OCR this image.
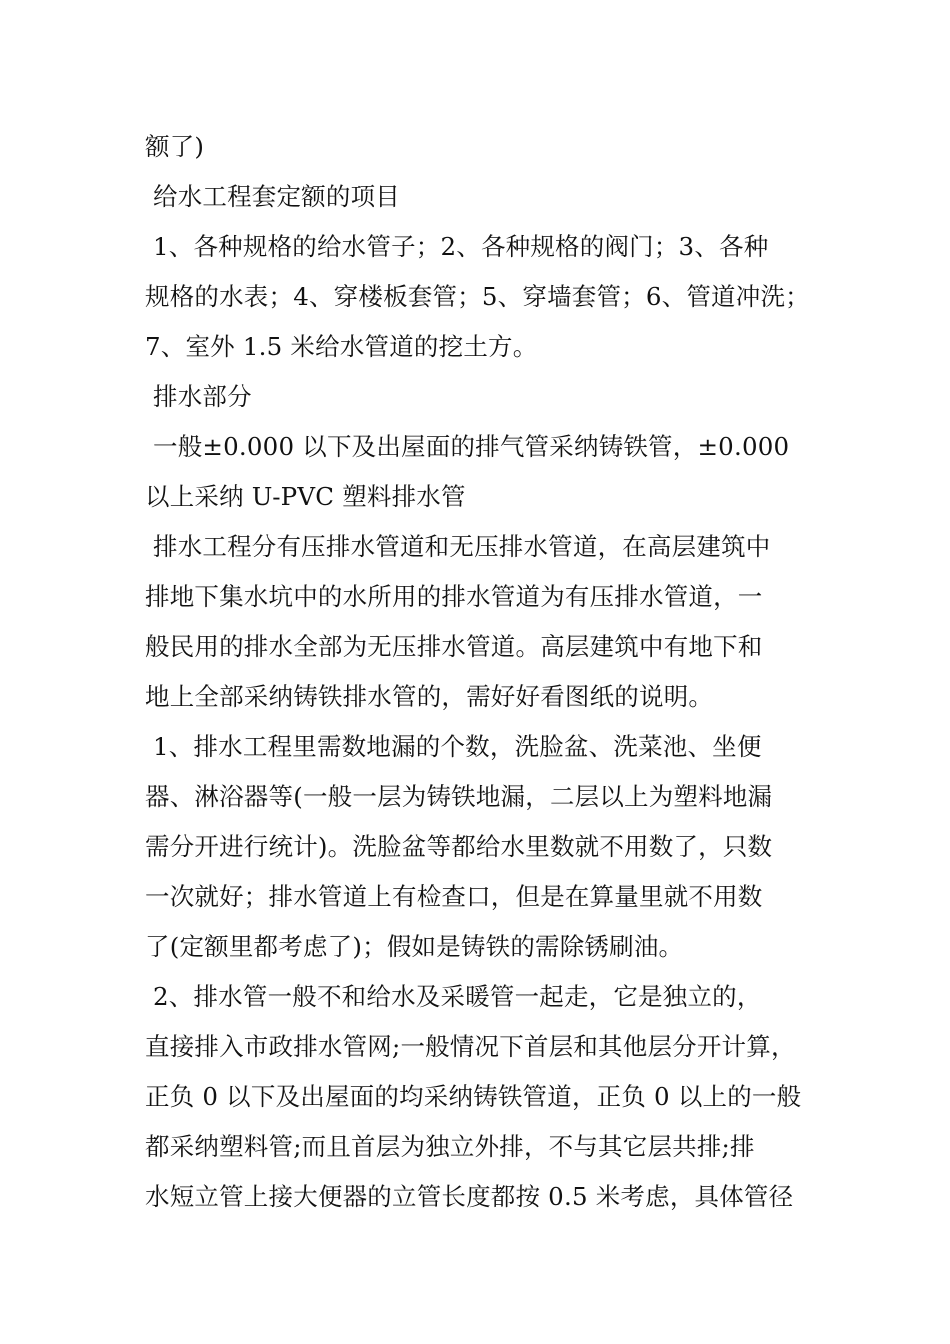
额了)
给水工程套定额的项目
1、各种规格的给水管子；2、各种规格的阀门；3、各种
规格的水表；4、穿楼板套管；5、穿墙套管；6、管道冲洗；
7、室外 1.5 米给水管道的挖土方。
排水部分
一般±0.000 以下及出屋面的排气管采纳铸铁管，±0.000
以上采纳 U-PVC 塑料排水管
排水工程分有压排水管道和无压排水管道，在高层建筑中
排地下集水坑中的水所用的排水管道为有压排水管道，一
般民用的排水全部为无压排水管道。高层建筑中有地下和
地上全部采纳铸铁排水管的，需好好看图纸的说明。
1、排水工程里需数地漏的个数，洗脸盆、洗菜池、坐便
器、淋浴器等(一般一层为铸铁地漏，二层以上为塑料地漏
需分开进行统计)。洗脸盆等都给水里数就不用数了，只数
一次就好；排水管道上有检查口，但是在算量里就不用数
了(定额里都考虑了)；假如是铸铁的需除锈刷油。
2、排水管一般不和给水及采暖管一起走，它是独立的，
直接排入市政排水管网;一般情况下首层和其他层分开计算，
正负 0 以下及出屋面的均采纳铸铁管道，正负 0 以上的一般
都采纳塑料管;而且首层为独立外排，不与其它层共排;排
水短立管上接大便器的立管长度都按 0.5 米考虑，具体管径
